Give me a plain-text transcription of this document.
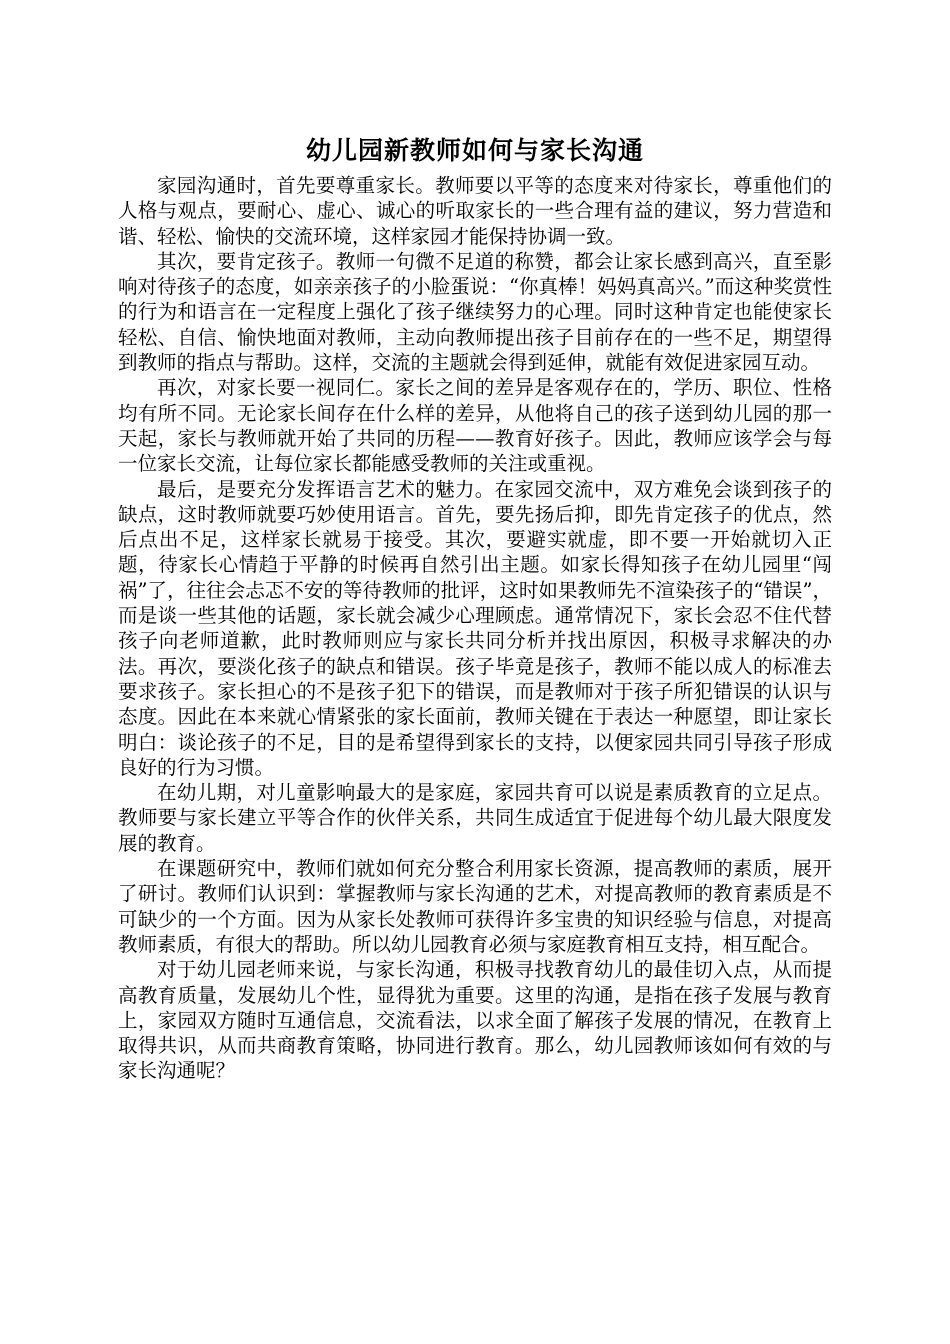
幼儿园新教师如何与家长沟通

家园沟通时，首先要尊重家长。教师要以平等的态度来对待家长，尊重他们的人格与观点，要耐心、虚心、诚心的听取家长的一些合理有益的建议，努力营造和谐、轻松、愉快的交流环境，这样家园才能保持协调一致。

其次，要肯定孩子。教师一句微不足道的称赞，都会让家长感到高兴，直至影响对待孩子的态度，如亲亲孩子的小脸蛋说：“你真棒！妈妈真高兴。”而这种奖赏性的行为和语言在一定程度上强化了孩子继续努力的心理。同时这种肯定也能使家长轻松、自信、愉快地面对教师，主动向教师提出孩子目前存在的一些不足，期望得到教师的指点与帮助。这样，交流的主题就会得到延伸，就能有效促进家园互动。

再次，对家长要一视同仁。家长之间的差异是客观存在的，学历、职位、性格均有所不同。无论家长间存在什么样的差异，从他将自己的孩子送到幼儿园的那一天起，家长与教师就开始了共同的历程——教育好孩子。因此，教师应该学会与每一位家长交流，让每位家长都能感受教师的关注或重视。

最后，是要充分发挥语言艺术的魅力。在家园交流中，双方难免会谈到孩子的缺点，这时教师就要巧妙使用语言。首先，要先扬后抑，即先肯定孩子的优点，然后点出不足，这样家长就易于接受。其次，要避实就虚，即不要一开始就切入正题，待家长心情趋于平静的时候再自然引出主题。如家长得知孩子在幼儿园里“闯祸”了，往往会忐忑不安的等待教师的批评，这时如果教师先不渲染孩子的“错误”，而是谈一些其他的话题，家长就会减少心理顾虑。通常情况下，家长会忍不住代替孩子向老师道歉，此时教师则应与家长共同分析并找出原因，积极寻求解决的办法。再次，要淡化孩子的缺点和错误。孩子毕竟是孩子，教师不能以成人的标准去要求孩子。家长担心的不是孩子犯下的错误，而是教师对于孩子所犯错误的认识与态度。因此在本来就心情紧张的家长面前，教师关键在于表达一种愿望，即让家长明白：谈论孩子的不足，目的是希望得到家长的支持，以便家园共同引导孩子形成良好的行为习惯。

在幼儿期，对儿童影响最大的是家庭，家园共育可以说是素质教育的立足点。教师要与家长建立平等合作的伙伴关系，共同生成适宜于促进每个幼儿最大限度发展的教育。

在课题研究中，教师们就如何充分整合利用家长资源，提高教师的素质，展开了研讨。教师们认识到：掌握教师与家长沟通的艺术，对提高教师的教育素质是不可缺少的一个方面。因为从家长处教师可获得许多宝贵的知识经验与信息，对提高教师素质，有很大的帮助。所以幼儿园教育必须与家庭教育相互支持，相互配合。

对于幼儿园老师来说，与家长沟通，积极寻找教育幼儿的最佳切入点，从而提高教育质量，发展幼儿个性，显得犹为重要。这里的沟通，是指在孩子发展与教育上，家园双方随时互通信息，交流看法，以求全面了解孩子发展的情况，在教育上取得共识，从而共商教育策略，协同进行教育。那么，幼儿园教师该如何有效的与家长沟通呢？
